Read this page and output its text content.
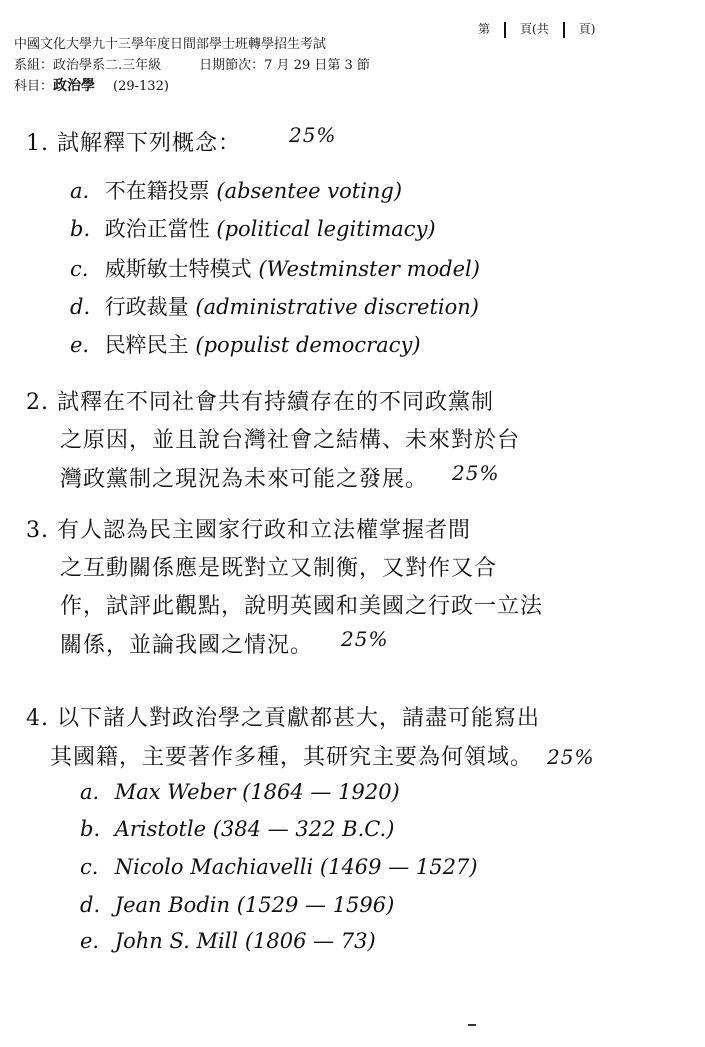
第	頁(共	頁)
中國文化大學九十三學年度日間部學士班轉學招生考試
系組：政治學系二.三年級	日期節次：7 月 29 日第 3 節
科目：政治學 (29-132)
1. 試解釋下列概念： 25%
a. 不在籍投票 (absentee voting)
b. 政治正當性 (political legitimacy)
c. 威斯敏士特模式 (Westminster model)
d. 行政裁量 (administrative discretion)
e. 民粹民主 (populist democracy)
2. 試釋在不同社會共有持續存在的不同政黨制
之原因，並且說台灣社會之結構、未來對於台
灣政黨制之現況為未來可能之發展。 25%
3. 有人認為民主國家行政和立法權掌握者間
之互動關係應是既對立又制衡，又對作又合
作，試評此觀點，說明英國和美國之行政一立法
關係，並論我國之情況。 25%
4. 以下諸人對政治學之貢獻都甚大，請盡可能寫出
其國籍，主要著作多種，其研究主要為何領域。 25%
a. Max Weber (1864 — 1920)
b. Aristotle (384 — 322 B.C.)
c. Nicolo Machiavelli (1469 — 1527)
d. Jean Bodin (1529 — 1596)
e. John S. Mill (1806 — 73)
